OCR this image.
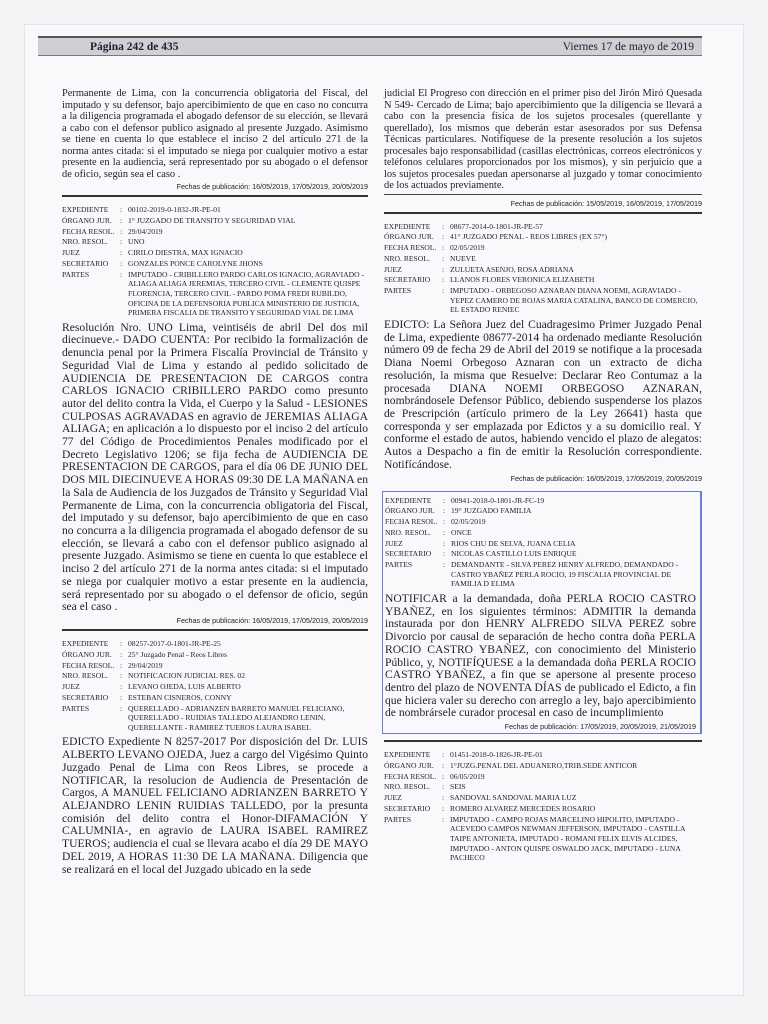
Página 242 de 435	Viernes 17 de mayo de 2019

Permanente de Lima, con la concurrencia obligatoria del Fiscal, del imputado y su defensor, bajo apercibimiento de que en caso no concurra a la diligencia programada el abogado defensor de su elección, se llevará a cabo con el defensor publico asignado al presente Juzgado. Asimismo se tiene en cuenta lo que establece el inciso 2 del artículo 271 de la norma antes citada: si el imputado se niega por cualquier motivo a estar presente en la audiencia, será representado por su abogado o el defensor de oficio, según sea el caso .

Fechas de publicación: 16/05/2019, 17/05/2019, 20/05/2019
EXPEDIENTE	: 00102-2019-0-1832-JR-PE-01
ÓRGANO JUR.	: 1° JUZGADO DE TRANSITO Y SEGURIDAD VIAL
FECHA RESOL. : 29/04/2019
NRO. RESOL.	: UNO
JUEZ	: CIRILO DIESTRA, MAX IGNACIO
SECRETARIO	: GONZALES PONCE CAROLYNE JHONS
PARTES	: IMPUTADO - CRIBILLERO PARDO CARLOS IGNACIO, AGRAVIADO - ALIAGA ALIAGA JEREMIAS, TERCERO CIVIL - CLEMENTE QUISPE FLORENCIA, TERCERO CIVIL - PARDO POMA FREDI RUBILDO, OFICINA DE LA DEFENSORIA PUBLICA MINISTERIO DE JUSTICIA, PRIMERA FISCALIA DE TRANSITO Y SEGURIDAD VIAL DE LIMA

Resolución Nro. UNO Lima, veintiséis de abril Del dos mil diecinueve.- DADO CUENTA: Por recibido la formalización de denuncia penal por la Primera Fiscalía Provincial de Tránsito y Seguridad Vial de Lima y estando al pedido solicitado de AUDIENCIA DE PRESENTACION DE CARGOS contra CARLOS IGNACIO CRIBILLERO PARDO como presunto autor del delito contra la Vida, el Cuerpo y la Salud - LESIONES CULPOSAS AGRAVADAS en agravio de JEREMIAS ALIAGA ALIAGA; en aplicación a lo dispuesto por el inciso 2 del artículo 77 del Código de Procedimientos Penales modificado por el Decreto Legislativo 1206; se fija fecha de AUDIENCIA DE PRESENTACION DE CARGOS, para el día 06 DE JUNIO DEL DOS MIL DIECINUEVE A HORAS 09:30 DE LA MAÑANA en la Sala de Audiencia de los Juzgados de Tránsito y Seguridad Vial Permanente de Lima, con la concurrencia obligatoria del Fiscal, del imputado y su defensor, bajo apercibimiento de que en caso no concurra a la diligencia programada el abogado defensor de su elección, se llevará a cabo con el defensor publico asignado al presente Juzgado. Asimismo se tiene en cuenta lo que establece el inciso 2 del artículo 271 de la norma antes citada: si el imputado se niega por cualquier motivo a estar presente en la audiencia, será representado por su abogado o el defensor de oficio, según sea el caso .

Fechas de publicación: 16/05/2019, 17/05/2019, 20/05/2019
EXPEDIENTE	: 08257-2017-0-1801-JR-PE-25
ÓRGANO JUR.	: 25° Juzgado Penal - Reos Libres
FECHA RESOL. : 29/04/2019
NRO. RESOL.	: NOTIFICACION JUDICIAL RES. 02
JUEZ	: LEVANO OJEDA, LUIS ALBERTO
SECRETARIO	: ESTEBAN CISNEROS, CONNY
PARTES	: QUERELLADO - ADRIANZEN BARRETO MANUEL FELICIANO, QUERELLADO - RUIDIAS TALLEDO ALEJANDRO LENIN, QUERELLANTE - RAMIREZ TUEROS LAURA ISABEL

EDICTO Expediente N 8257-2017 Por disposición del Dr. LUIS ALBERTO LEVANO OJEDA, Juez a cargo del Vigésimo Quinto Juzgado Penal de Lima con Reos Libres, se procede a NOTIFICAR, la resolucion de Audiencia de Presentación de Cargos, A MANUEL FELICIANO ADRIANZEN BARRETO Y ALEJANDRO LENIN RUIDIAS TALLEDO, por la presunta comisión del delito contra el Honor-DIFAMACIÓN Y CALUMNIA-, en agravio de LAURA ISABEL RAMIREZ TUEROS; audiencia el cual se llevara acabo el día 29 DE MAYO DEL 2019, A HORAS 11:30 DE LA MAÑANA. Diligencia que se realizará en el local del Juzgado ubicado en la sede

judicial El Progreso con dirección en el primer piso del Jirón Miró Quesada N 549- Cercado de Lima; bajo apercibimiento que la diligencia se llevará a cabo con la presencia física de los sujetos procesales (querellante y querellado), los mismos que deberán estar asesorados por sus Defensa Técnicas particulares. Notifíquese de la presente resolución a los sujetos procesales bajo responsabilidad (casillas electrónicas, correos electrónicos y teléfonos celulares proporcionados por los mismos), y sin perjuicio que a los sujetos procesales puedan apersonarse al juzgado y tomar conocimiento de los actuados previamente.

Fechas de publicación: 15/05/2019, 16/05/2019, 17/05/2019
EXPEDIENTE	: 08677-2014-0-1801-JR-PE-57
ÓRGANO JUR.	: 41° JUZGADO PENAL - REOS LIBRES (EX 57°)
FECHA RESOL. : 02/05/2019
NRO. RESOL.	: NUEVE
JUEZ	: ZULUETA ASENJO, ROSA ADRIANA
SECRETARIO	: LLANOS FLORES VERONICA ELIZABETH
PARTES	: IMPUTADO - ORBEGOSO AZNARAN DIANA NOEMI, AGRAVIADO - YEPEZ CAMERO DE ROJAS MARIA CATALINA, BANCO DE COMERCIO, EL ESTADO RENIEC

EDICTO: La Señora Juez del Cuadragesimo Primer Juzgado Penal de Lima, expediente 08677-2014 ha ordenado mediante Resolución número 09 de fecha 29 de Abril del 2019 se notifique a la procesada Diana Noemi Orbegoso Aznaran con un extracto de dicha resolución, la misma que Resuelve: Declarar Reo Contumaz a la procesada DIANA NOEMI ORBEGOSO AZNARAN, nombrándosele Defensor Público, debiendo suspenderse los plazos de Prescripción (artículo primero de la Ley 26641) hasta que corresponda y ser emplazada por Edictos y a su domicilio real. Y conforme el estado de autos, habiendo vencido el plazo de alegatos: Autos a Despacho a fin de emitir la Resolución correspondiente. Notifícándose.

Fechas de publicación: 16/05/2019, 17/05/2019, 20/05/2019
EXPEDIENTE	: 00941-2018-0-1801-JR-FC-19
ÓRGANO JUR.	: 19° JUZGADO FAMILIA
FECHA RESOL. : 02/05/2019
NRO. RESOL.	: ONCE
JUEZ	: RIOS CHU DE SELVA, JUANA CELIA
SECRETARIO	: NICOLAS CASTILLO LUIS ENRIQUE
PARTES	: DEMANDANTE - SILVA PEREZ HENRY ALFREDO, DEMANDADO - CASTRO YBAÑEZ PERLA ROCIO, 19 FISCALIA PROVINCIAL DE FAMILIA D ELIMA

NOTIFICAR a la demandada, doña PERLA ROCIO CASTRO YBAÑEZ, en los siguientes términos: ADMITIR la demanda instaurada por don HENRY ALFREDO SILVA PEREZ sobre Divorcio por causal de separación de hecho contra doña PERLA ROCIO CASTRO YBAÑEZ, con conocimiento del Ministerio Público, y, NOTIFÍQUESE a la demandada doña PERLA ROCIO CASTRO YBAÑEZ, a fin que se apersone al presente proceso dentro del plazo de NOVENTA DÍAS de publicado el Edicto, a fin que hiciera valer su derecho con arreglo a ley, bajo apercibimiento de nombrársele curador procesal en caso de incumplimiento

Fechas de publicación: 17/05/2019, 20/05/2019, 21/05/2019
EXPEDIENTE	: 01451-2018-0-1826-JR-PE-01
ÓRGANO JUR.	: 1°JUZG.PENAL DEL ADUANERO,TRIB.SEDE ANTICOR
FECHA RESOL. : 06/05/2019
NRO. RESOL.	: SEIS
JUEZ	: SANDOVAL SANDOVAL MARIA LUZ
SECRETARIO	: ROMERO ALVAREZ MERCEDES ROSARIO
PARTES	: IMPUTADO - CAMPO ROJAS MARCELINO HIPOLITO, IMPUTADO - ACEVEDO CAMPOS NEWMAN JEFFERSON, IMPUTADO - CASTILLA TAIPE ANTONIETA, IMPUTADO - ROMANI FELIX ELVIS ALCIDES, IMPUTADO - ANTON QUISPE OSWALDO JACK, IMPUTADO - LUNA PACHECO
